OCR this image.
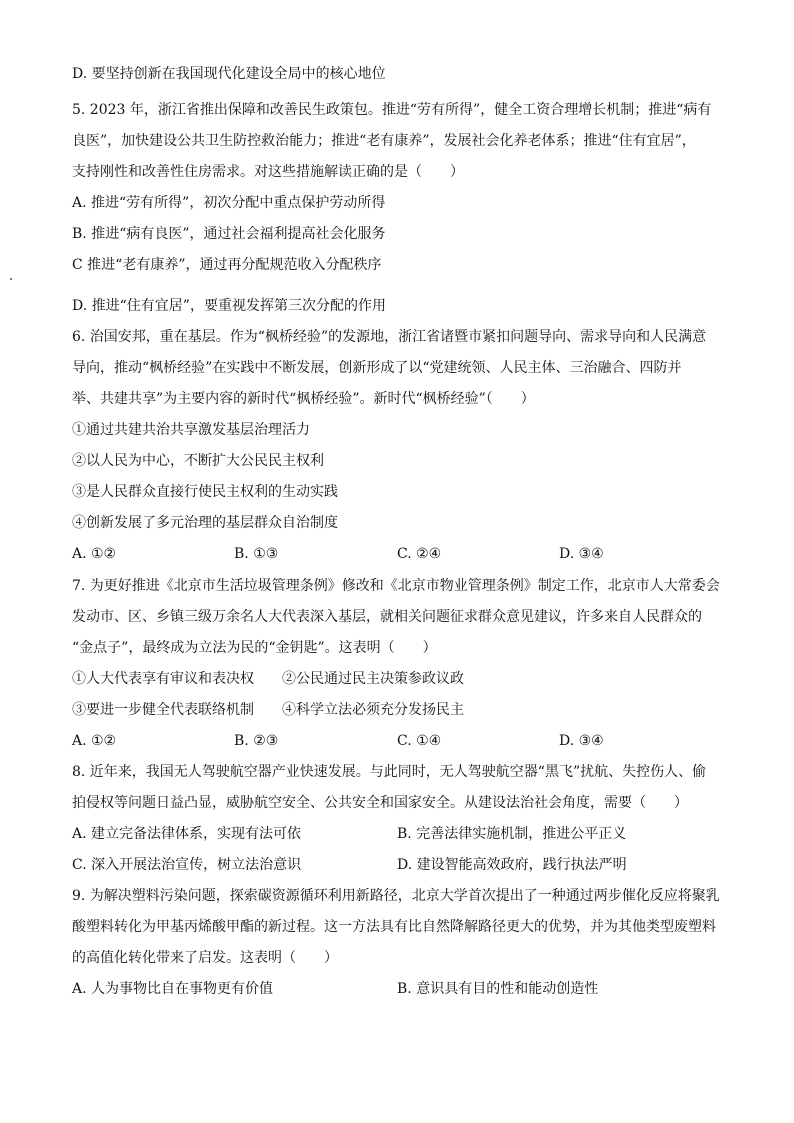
D. 要坚持创新在我国现代化建设全局中的核心地位
5. 2023 年，浙江省推出保障和改善民生政策包。推进“劳有所得”，健全工资合理增长机制；推进“病有
良医”，加快建设公共卫生防控救治能力；推进“老有康养”，发展社会化养老体系；推进“住有宜居”，
支持刚性和改善性住房需求。对这些措施解读正确的是（　　）
A. 推进“劳有所得”，初次分配中重点保护劳动所得
B. 推进“病有良医”，通过社会福利提高社会化服务
C 推进“老有康养”，通过再分配规范收入分配秩序
D. 推进“住有宜居”，要重视发挥第三次分配的作用
6. 治国安邦，重在基层。作为“枫桥经验”的发源地，浙江省诸暨市紧扣问题导向、需求导向和人民满意
导向，推动“枫桥经验”在实践中不断发展，创新形成了以“党建统领、人民主体、三治融合、四防并
举、共建共享”为主要内容的新时代“枫桥经验”。新时代“枫桥经验”（　　）
①通过共建共治共享激发基层治理活力
②以人民为中心，不断扩大公民民主权利
③是人民群众直接行使民主权利的生动实践
④创新发展了多元治理的基层群众自治制度
A. ①②	B. ①③	C. ②④	D. ③④
7. 为更好推进《北京市生活垃圾管理条例》修改和《北京市物业管理条例》制定工作，北京市人大常委会
发动市、区、乡镇三级万余名人大代表深入基层，就相关问题征求群众意见建议，许多来自人民群众的
“金点子”，最终成为立法为民的“金钥匙”。这表明（　　）
①人大代表享有审议和表决权 ②公民通过民主决策参政议政
③要进一步健全代表联络机制 ④科学立法必须充分发扬民主
A. ①②	B. ②③	C. ①④	D. ③④
8. 近年来，我国无人驾驶航空器产业快速发展。与此同时，无人驾驶航空器“黑飞”扰航、失控伤人、偷
拍侵权等问题日益凸显，威胁航空安全、公共安全和国家安全。从建设法治社会角度，需要（　　）
A. 建立完备法律体系，实现有法可依	B. 完善法律实施机制，推进公平正义
C. 深入开展法治宣传，树立法治意识	D. 建设智能高效政府，践行执法严明
9. 为解决塑料污染问题，探索碳资源循环利用新路径，北京大学首次提出了一种通过两步催化反应将聚乳
酸塑料转化为甲基丙烯酸甲酯的新过程。这一方法具有比自然降解路径更大的优势，并为其他类型废塑料
的高值化转化带来了启发。这表明（　　）
A. 人为事物比自在事物更有价值	B. 意识具有目的性和能动创造性
